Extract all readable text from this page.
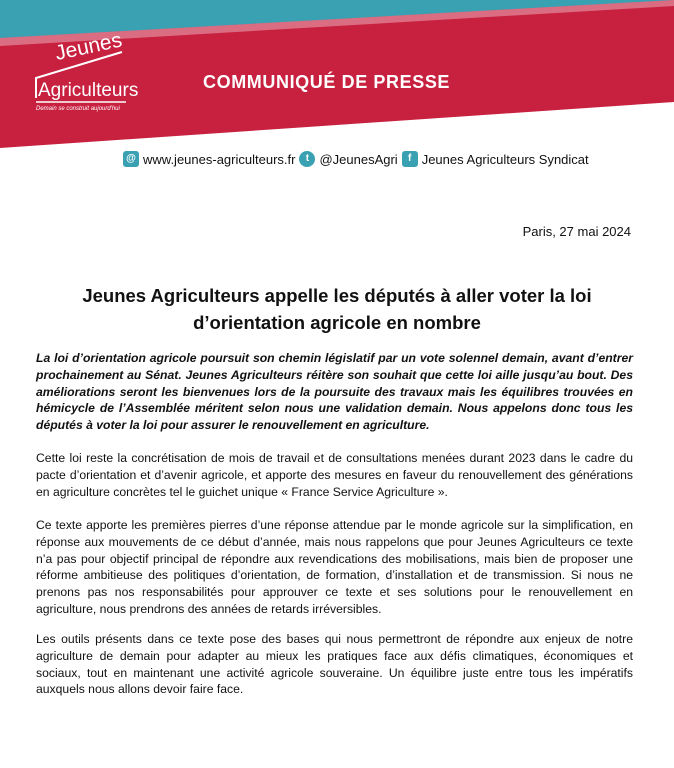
Jeunes
Agriculteurs
Demain se construit aujourd'hui
COMMUNIQUÉ DE PRESSE
@ www.jeunes-agriculteurs.fr	t @JeunesAgri	f Jeunes Agriculteurs Syndicat
Paris, 27 mai 2024
Jeunes Agriculteurs appelle les députés à aller voter la loi d’orientation agricole en nombre

La loi d’orientation agricole poursuit son chemin législatif par un vote solennel demain, avant d’entrer prochainement au Sénat. Jeunes Agriculteurs réitère son souhait que cette loi aille jusqu’au bout. Des améliorations seront les bienvenues lors de la poursuite des travaux mais les équilibres trouvées en hémicycle de l’Assemblée méritent selon nous une validation demain. Nous appelons donc tous les députés à voter la loi pour assurer le renouvellement en agriculture.

Cette loi reste la concrétisation de mois de travail et de consultations menées durant 2023 dans le cadre du pacte d’orientation et d’avenir agricole, et apporte des mesures en faveur du renouvellement des générations en agriculture concrètes tel le guichet unique « France Service Agriculture ».

Ce texte apporte les premières pierres d’une réponse attendue par le monde agricole sur la simplification, en réponse aux mouvements de ce début d’année, mais nous rappelons que pour Jeunes Agriculteurs ce texte n’a pas pour objectif principal de répondre aux revendications des mobilisations, mais bien de proposer une réforme ambitieuse des politiques d’orientation, de formation, d’installation et de transmission. Si nous ne prenons pas nos responsabilités pour approuver ce texte et ses solutions pour le renouvellement en agriculture, nous prendrons des années de retards irréversibles.

Les outils présents dans ce texte pose des bases qui nous permettront de répondre aux enjeux de notre agriculture de demain pour adapter au mieux les pratiques face aux défis climatiques, économiques et sociaux, tout en maintenant une activité agricole souveraine. Un équilibre juste entre tous les impératifs auxquels nous allons devoir faire face.
